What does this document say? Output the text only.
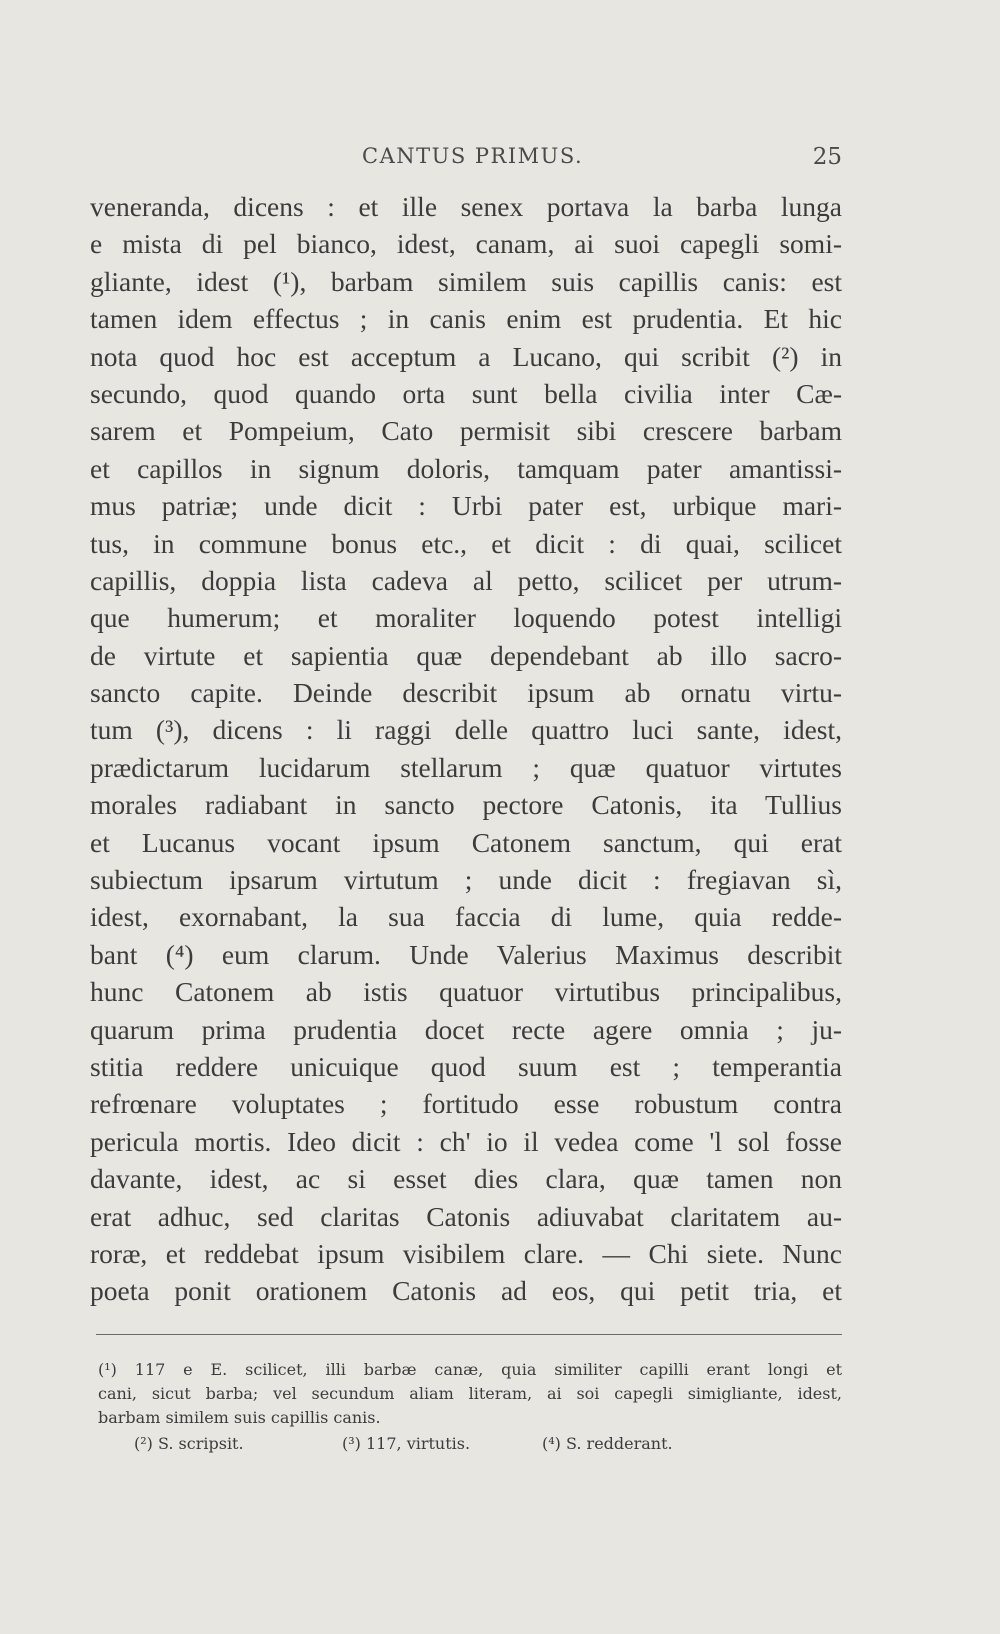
CANTUS PRIMUS.	25
veneranda, dicens : et ille senex portava la barba lunga
e mista di pel bianco, idest, canam, ai suoi capegli somi-
gliante, idest (¹), barbam similem suis capillis canis: est
tamen idem effectus ; in canis enim est prudentia. Et hic
nota quod hoc est acceptum a Lucano, qui scribit (²) in
secundo, quod quando orta sunt bella civilia inter Cæ-
sarem et Pompeium, Cato permisit sibi crescere barbam
et capillos in signum doloris, tamquam pater amantissi-
mus patriæ; unde dicit : Urbi pater est, urbique mari-
tus, in commune bonus etc., et dicit : di quai, scilicet
capillis, doppia lista cadeva al petto, scilicet per utrum-
que humerum; et moraliter loquendo potest intelligi
de virtute et sapientia quæ dependebant ab illo sacro-
sancto capite. Deinde describit ipsum ab ornatu virtu-
tum (³), dicens : li raggi delle quattro luci sante, idest,
prædictarum lucidarum stellarum ; quæ quatuor virtutes
morales radiabant in sancto pectore Catonis, ita Tullius
et Lucanus vocant ipsum Catonem sanctum, qui erat
subiectum ipsarum virtutum ; unde dicit : fregiavan sì,
idest, exornabant, la sua faccia di lume, quia redde-
bant (⁴) eum clarum. Unde Valerius Maximus describit
hunc Catonem ab istis quatuor virtutibus principalibus,
quarum prima prudentia docet recte agere omnia ; ju-
stitia reddere unicuique quod suum est ; temperantia
refrœnare voluptates ; fortitudo esse robustum contra
pericula mortis. Ideo dicit : ch' io il vedea come 'l sol fosse
davante, idest, ac si esset dies clara, quæ tamen non
erat adhuc, sed claritas Catonis adiuvabat claritatem au-
roræ, et reddebat ipsum visibilem clare. — Chi siete. Nunc
poeta ponit orationem Catonis ad eos, qui petit tria, et
(¹) 117 e E. scilicet, illi barbæ canæ, quia similiter capilli erant longi et
cani, sicut barba; vel secundum aliam literam, ai soi capegli simigliante, idest,
barbam similem suis capillis canis.
(²) S. scripsit.	(³) 117, virtutis.	(⁴) S. redderant.
